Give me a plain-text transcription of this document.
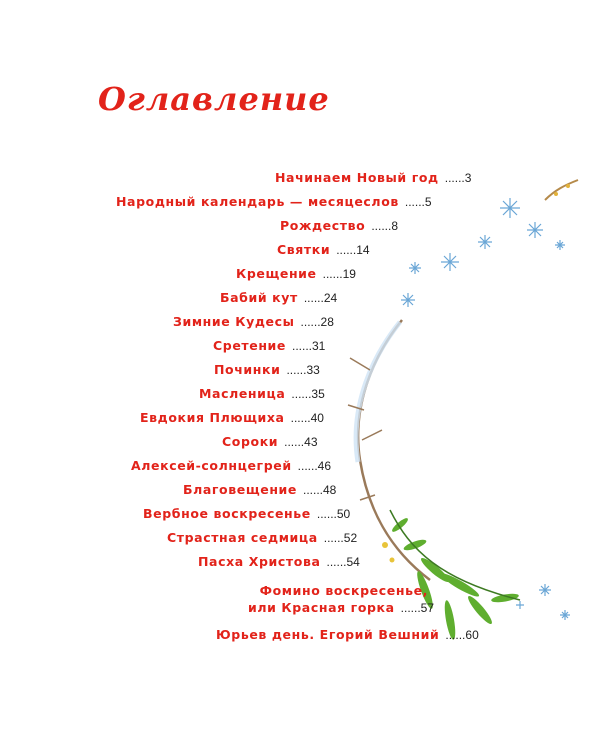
Оглавление
Начинаем Новый год ......3
Народный календарь — месяцеслов ......5
Рождество ......8
Святки ......14
Крещение ......19
Бабий кут ......24
Зимние Кудесы ......28
Сретение ......31
Починки ......33
Масленица ......35
Евдокия Плющиха ......40
Сороки ......43
Алексей-солнцегрей ......46
Благовещение ......48
Вербное воскресенье ......50
Страстная седмица ......52
Пасха Христова ......54
Фомино воскресенье,
или Красная горка ......57
Юрьев день. Егорий Вешний ......60
